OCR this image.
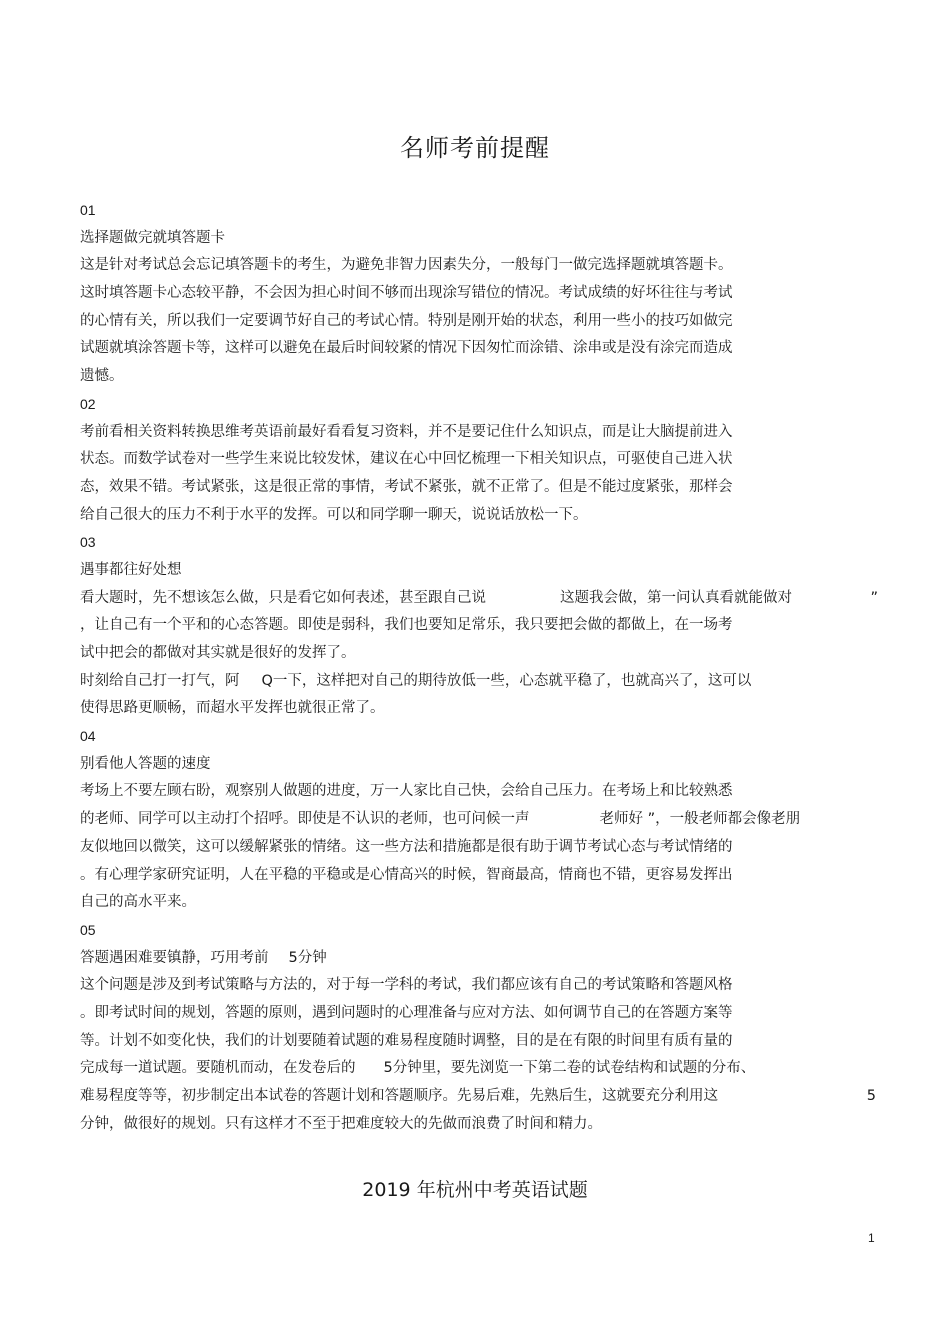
名师考前提醒
01
选择题做完就填答题卡
这是针对考试总会忘记填答题卡的考生，为避免非智力因素失分，一般每门一做完选择题就填答题卡。
这时填答题卡心态较平静，不会因为担心时间不够而出现涂写错位的情况。考试成绩的好坏往往与考试
的心情有关，所以我们一定要调节好自己的考试心情。特别是刚开始的状态，利用一些小的技巧如做完
试题就填涂答题卡等，这样可以避免在最后时间较紧的情况下因匆忙而涂错、涂串或是没有涂完而造成
遗憾。
02
考前看相关资料转换思维考英语前最好看看复习资料，并不是要记住什么知识点，而是让大脑提前进入
状态。而数学试卷对一些学生来说比较发怵，建议在心中回忆梳理一下相关知识点，可驱使自己进入状
态，效果不错。考试紧张，这是很正常的事情，考试不紧张，就不正常了。但是不能过度紧张，那样会
给自己很大的压力不利于水平的发挥。可以和同学聊一聊天，说说话放松一下。
03
遇事都往好处想
看大题时，先不想该怎么做，只是看它如何表述，甚至跟自己说	这题我会做，第一问认真看就能做对	”
，让自己有一个平和的心态答题。即使是弱科，我们也要知足常乐，我只要把会做的都做上，在一场考
试中把会的都做对其实就是很好的发挥了。
时刻给自己打一打气，阿 Q一下，这样把对自己的期待放低一些，心态就平稳了，也就高兴了，这可以
使得思路更顺畅，而超水平发挥也就很正常了。
04
别看他人答题的速度
考场上不要左顾右盼，观察别人做题的进度，万一人家比自己快，会给自己压力。在考场上和比较熟悉
的老师、同学可以主动打个招呼。即使是不认识的老师，也可问候一声	老师好 ”，一般老师都会像老朋
友似地回以微笑，这可以缓解紧张的情绪。这一些方法和措施都是很有助于调节考试心态与考试情绪的
。有心理学家研究证明，人在平稳的平稳或是心情高兴的时候，智商最高，情商也不错，更容易发挥出
自己的高水平来。
05
答题遇困难要镇静，巧用考前 5分钟
这个问题是涉及到考试策略与方法的，对于每一学科的考试，我们都应该有自己的考试策略和答题风格
。即考试时间的规划，答题的原则，遇到问题时的心理准备与应对方法、如何调节自己的在答题方案等
等。计划不如变化快，我们的计划要随着试题的难易程度随时调整，目的是在有限的时间里有质有量的
完成每一道试题。要随机而动，在发卷后的 5分钟里，要先浏览一下第二卷的试卷结构和试题的分布、
难易程度等等，初步制定出本试卷的答题计划和答题顺序。先易后难，先熟后生，这就要充分利用这	5
分钟，做很好的规划。只有这样才不至于把难度较大的先做而浪费了时间和精力。
2019 年杭州中考英语试题
1
